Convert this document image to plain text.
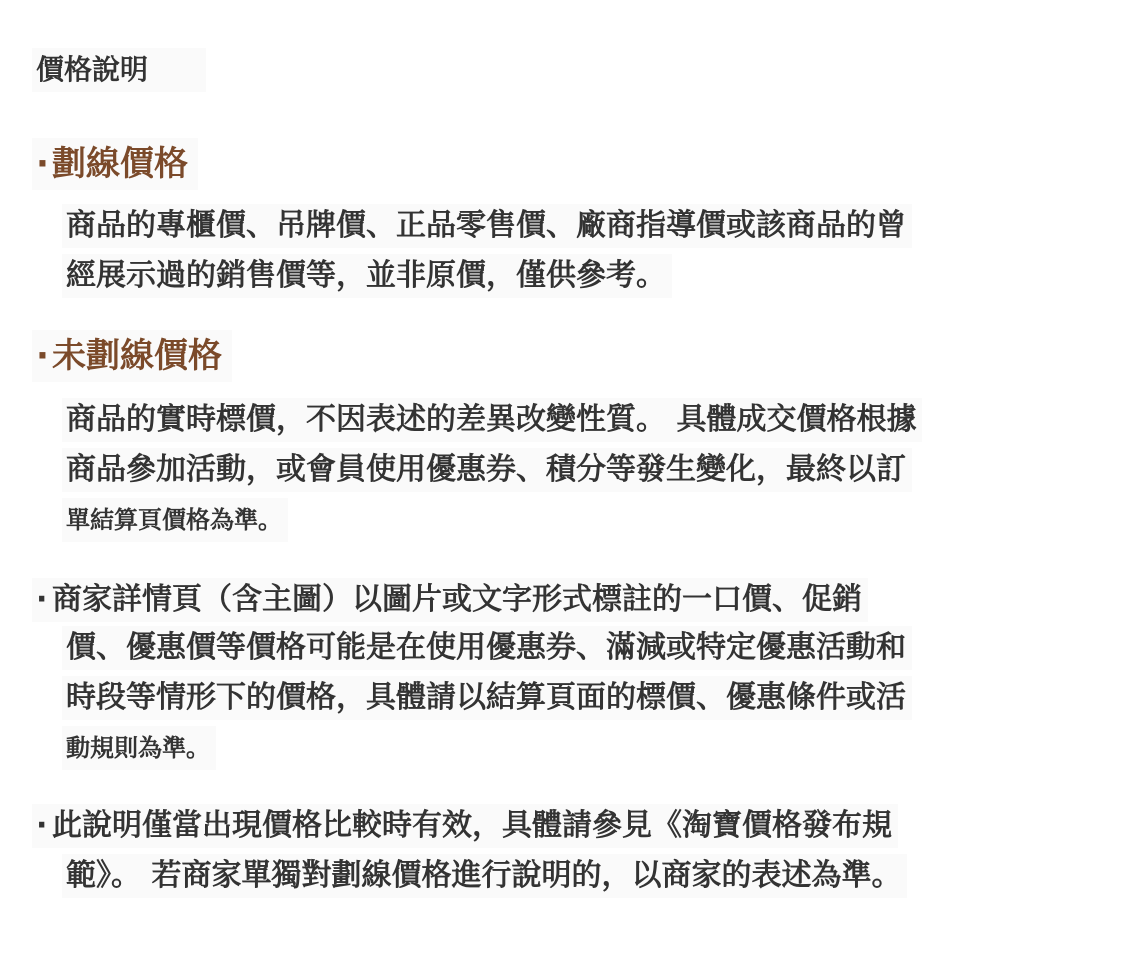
價格說明
·劃線價格
商品的專櫃價、吊牌價、正品零售價、廠商指導價或該商品的曾
經展示過的銷售價等，並非原價，僅供參考。
·未劃線價格
商品的實時標價，不因表述的差異改變性質。 具體成交價格根據
商品參加活動，或會員使用優惠券、積分等發生變化，最終以訂
單結算頁價格為準。
· 商家詳情頁（含主圖）以圖片或文字形式標註的一口價、促銷
價、優惠價等價格可能是在使用優惠券、滿減或特定優惠活動和
時段等情形下的價格，具體請以結算頁面的標價、優惠條件或活
動規則為準。
· 此說明僅當出現價格比較時有效，具體請參見《淘寶價格發布規
範》。 若商家單獨對劃線價格進行說明的，以商家的表述為準。
